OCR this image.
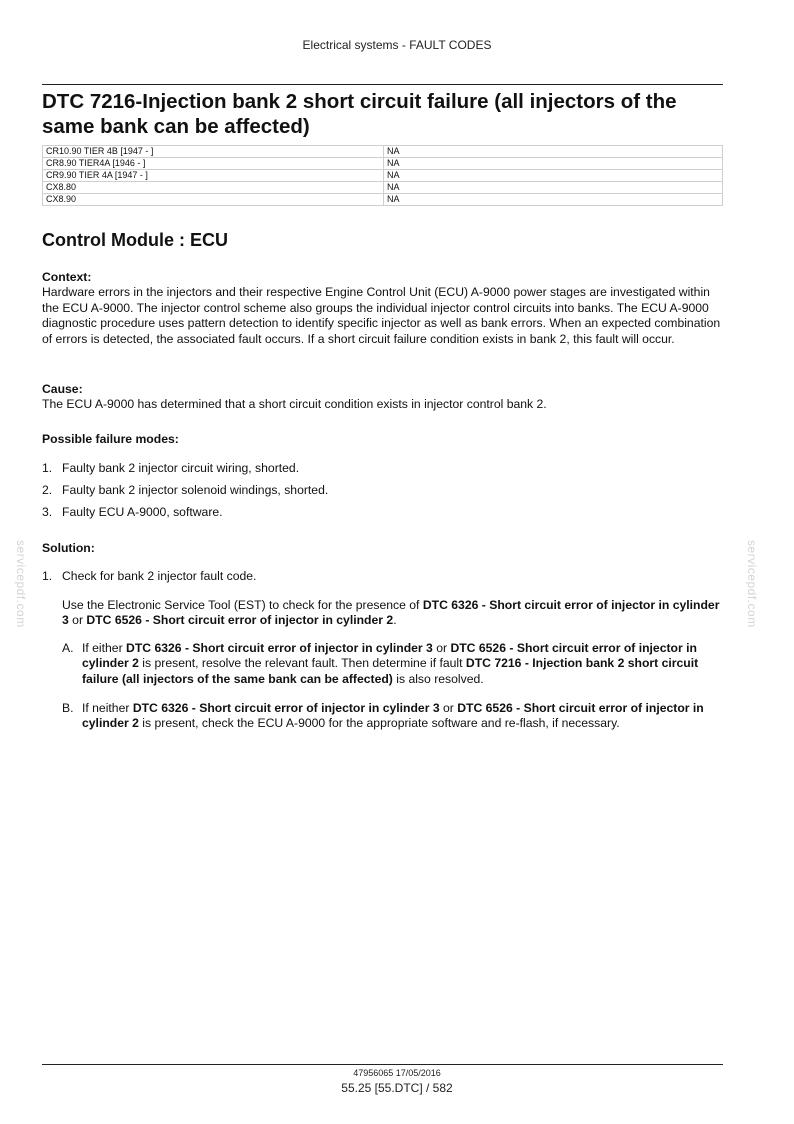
Electrical systems - FAULT CODES
DTC 7216-Injection bank 2 short circuit failure (all injectors of the same bank can be affected)
CR10.90 TIER 4B [1947 - ]	NA
CR8.90 TIER4A [1946 - ]	NA
CR9.90 TIER 4A [1947 - ]	NA
CX8.80	NA
CX8.90	NA
Control Module : ECU
Context:
Hardware errors in the injectors and their respective Engine Control Unit (ECU) A-9000 power stages are investigated within the ECU A-9000. The injector control scheme also groups the individual injector control circuits into banks. The ECU A-9000 diagnostic procedure uses pattern detection to identify specific injector as well as bank errors. When an expected combination of errors is detected, the associated fault occurs. If a short circuit failure condition exists in bank 2, this fault will occur.
Cause:
The ECU A-9000 has determined that a short circuit condition exists in injector control bank 2.
Possible failure modes:
1. Faulty bank 2 injector circuit wiring, shorted.
2. Faulty bank 2 injector solenoid windings, shorted.
3. Faulty ECU A-9000, software.
Solution:
1. Check for bank 2 injector fault code.
Use the Electronic Service Tool (EST) to check for the presence of DTC 6326 - Short circuit error of injector in cylinder 3 or DTC 6526 - Short circuit error of injector in cylinder 2.
A. If either DTC 6326 - Short circuit error of injector in cylinder 3 or DTC 6526 - Short circuit error of injector in cylinder 2 is present, resolve the relevant fault. Then determine if fault DTC 7216 - Injection bank 2 short circuit failure (all injectors of the same bank can be affected) is also resolved.
B. If neither DTC 6326 - Short circuit error of injector in cylinder 3 or DTC 6526 - Short circuit error of injector in cylinder 2 is present, check the ECU A-9000 for the appropriate software and re-flash, if necessary.
servicepdf.com	servicepdf.com
47956065 17/05/2016
55.25 [55.DTC] / 582
